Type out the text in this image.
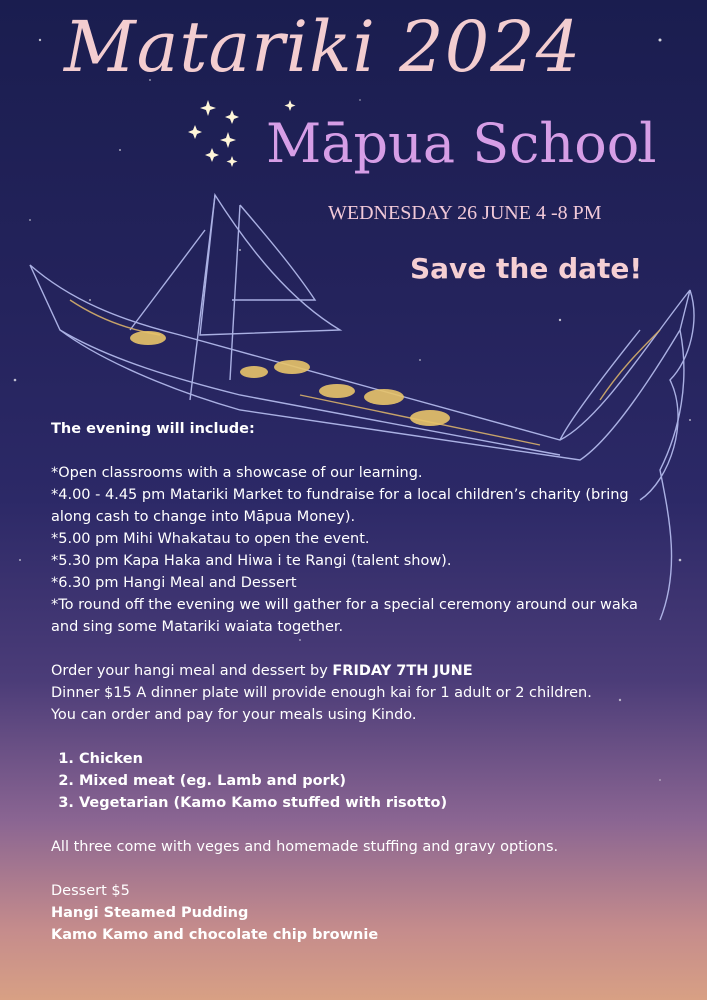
Matariki 2024
Māpua School
WEDNESDAY 26 JUNE 4 -8 PM
Save the date!

The evening will include:

*Open classrooms with a showcase of our learning.

*4.00 - 4.45 pm Matariki Market to fundraise for a local children’s charity (bring along cash to change into Māpua Money).

*5.00 pm Mihi Whakatau to open the event.

*5.30 pm Kapa Haka and Hiwa i te Rangi (talent show).

*6.30 pm Hangi Meal and Dessert

*To round off the evening we will gather for a special ceremony around our waka and sing some Matariki waiata together.

Order your hangi meal and dessert by FRIDAY 7TH JUNE

Dinner $15 A dinner plate will provide enough kai for 1 adult or 2 children.

You can order and pay for your meals using Kindo.

1. Chicken
2. Mixed meat (eg. Lamb and pork)
3. Vegetarian (Kamo Kamo stuffed with risotto)

All three come with veges and homemade stuffing and gravy options.

Dessert $5

Hangi Steamed Pudding

Kamo Kamo and chocolate chip brownie
